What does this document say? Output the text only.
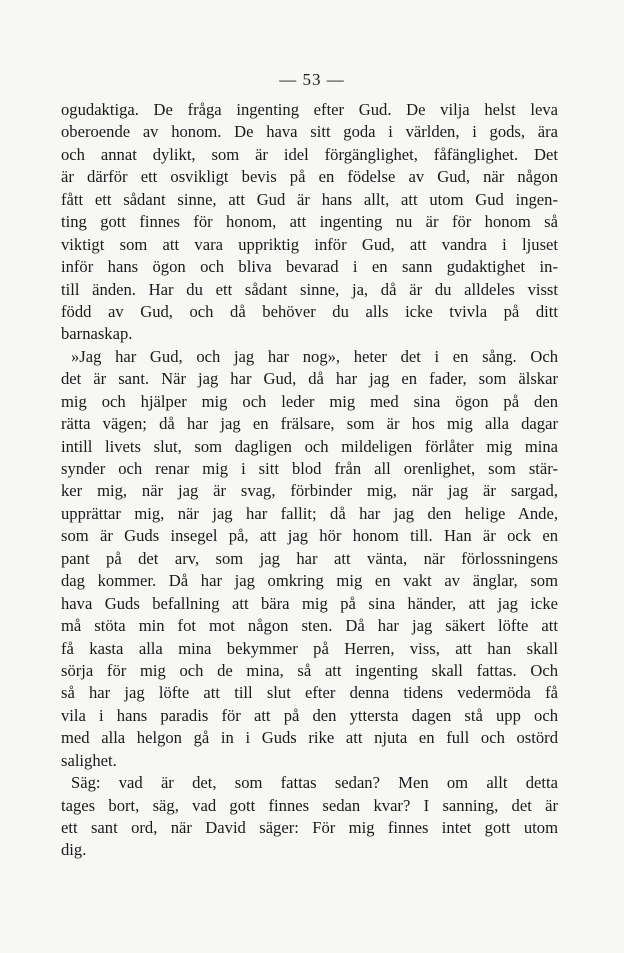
— 53 —
ogudaktiga. De fråga ingenting efter Gud. De vilja helst leva
oberoende av honom. De hava sitt goda i världen, i gods, ära
och annat dylikt, som är idel förgänglighet, fåfänglighet. Det
är därför ett osvikligt bevis på en födelse av Gud, när någon
fått ett sådant sinne, att Gud är hans allt, att utom Gud ingen-
ting gott finnes för honom, att ingenting nu är för honom så
viktigt som att vara uppriktig inför Gud, att vandra i ljuset
inför hans ögon och bliva bevarad i en sann gudaktighet in-
till änden. Har du ett sådant sinne, ja, då är du alldeles visst
född av Gud, och då behöver du alls icke tvivla på ditt
barnaskap.
»Jag har Gud, och jag har nog», heter det i en sång. Och
det är sant. När jag har Gud, då har jag en fader, som älskar
mig och hjälper mig och leder mig med sina ögon på den
rätta vägen; då har jag en frälsare, som är hos mig alla dagar
intill livets slut, som dagligen och mildeligen förlåter mig mina
synder och renar mig i sitt blod från all orenlighet, som stär-
ker mig, när jag är svag, förbinder mig, när jag är sargad,
upprättar mig, när jag har fallit; då har jag den helige Ande,
som är Guds insegel på, att jag hör honom till. Han är ock en
pant på det arv, som jag har att vänta, när förlossningens
dag kommer. Då har jag omkring mig en vakt av änglar, som
hava Guds befallning att bära mig på sina händer, att jag icke
må stöta min fot mot någon sten. Då har jag säkert löfte att
få kasta alla mina bekymmer på Herren, viss, att han skall
sörja för mig och de mina, så att ingenting skall fattas. Och
så har jag löfte att till slut efter denna tidens vedermöda få
vila i hans paradis för att på den yttersta dagen stå upp och
med alla helgon gå in i Guds rike att njuta en full och ostörd
salighet.
Säg: vad är det, som fattas sedan? Men om allt detta
tages bort, säg, vad gott finnes sedan kvar? I sanning, det är
ett sant ord, när David säger: För mig finnes intet gott utom
dig.
